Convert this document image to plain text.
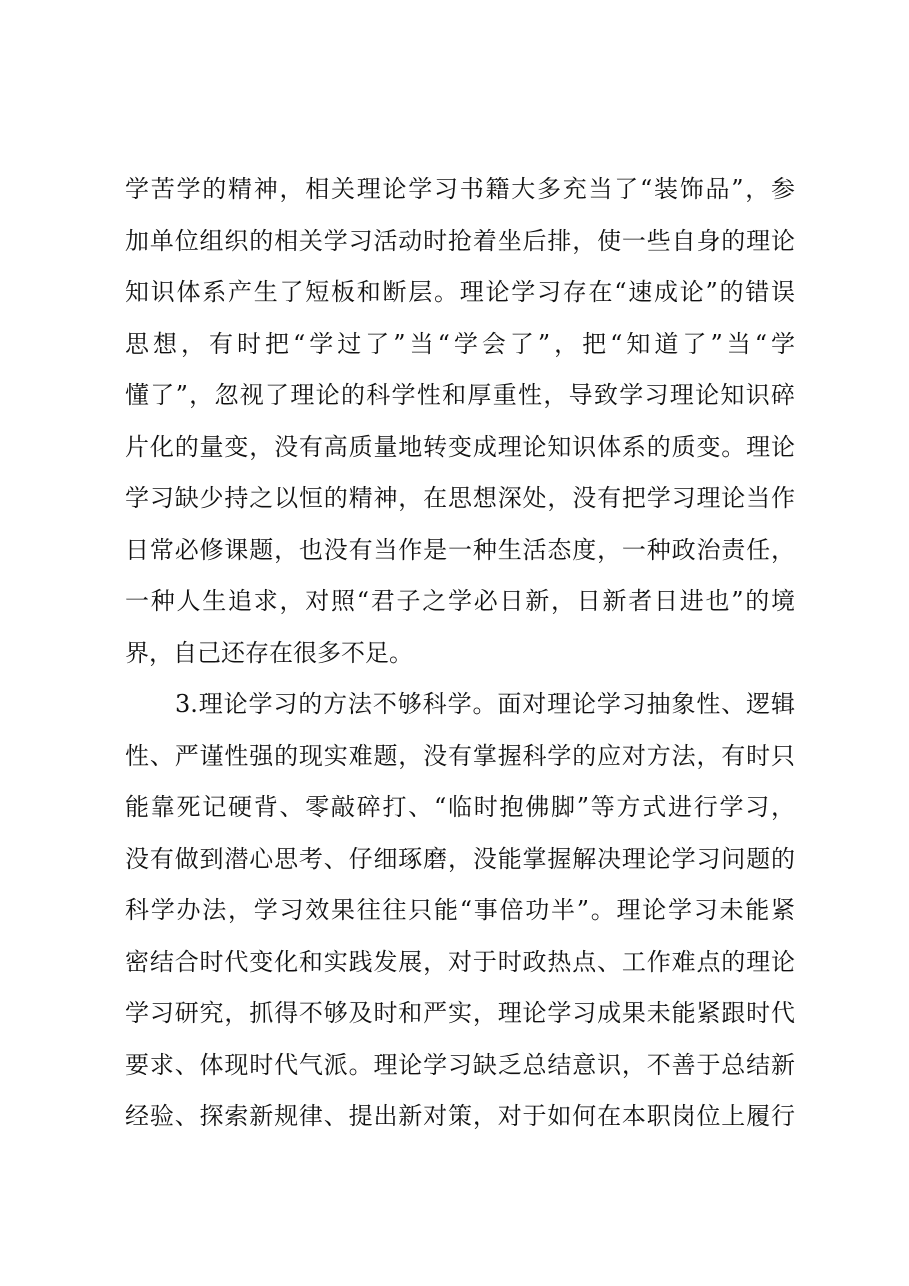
学苦学的精神，相关理论学习书籍大多充当了“装饰品”，参
加单位组织的相关学习活动时抢着坐后排，使一些自身的理论
知识体系产生了短板和断层。理论学习存在“速成论”的错误
思想，有时把“学过了”当“学会了”，把“知道了”当“学
懂了”，忽视了理论的科学性和厚重性，导致学习理论知识碎
片化的量变，没有高质量地转变成理论知识体系的质变。理论
学习缺少持之以恒的精神，在思想深处，没有把学习理论当作
日常必修课题，也没有当作是一种生活态度，一种政治责任，
一种人生追求，对照“君子之学必日新，日新者日进也”的境
界，自己还存在很多不足。
3.理论学习的方法不够科学。面对理论学习抽象性、逻辑
性、严谨性强的现实难题，没有掌握科学的应对方法，有时只
能靠死记硬背、零敲碎打、“临时抱佛脚”等方式进行学习，
没有做到潜心思考、仔细琢磨，没能掌握解决理论学习问题的
科学办法，学习效果往往只能“事倍功半”。理论学习未能紧
密结合时代变化和实践发展，对于时政热点、工作难点的理论
学习研究，抓得不够及时和严实，理论学习成果未能紧跟时代
要求、体现时代气派。理论学习缺乏总结意识，不善于总结新
经验、探索新规律、提出新对策，对于如何在本职岗位上履行
